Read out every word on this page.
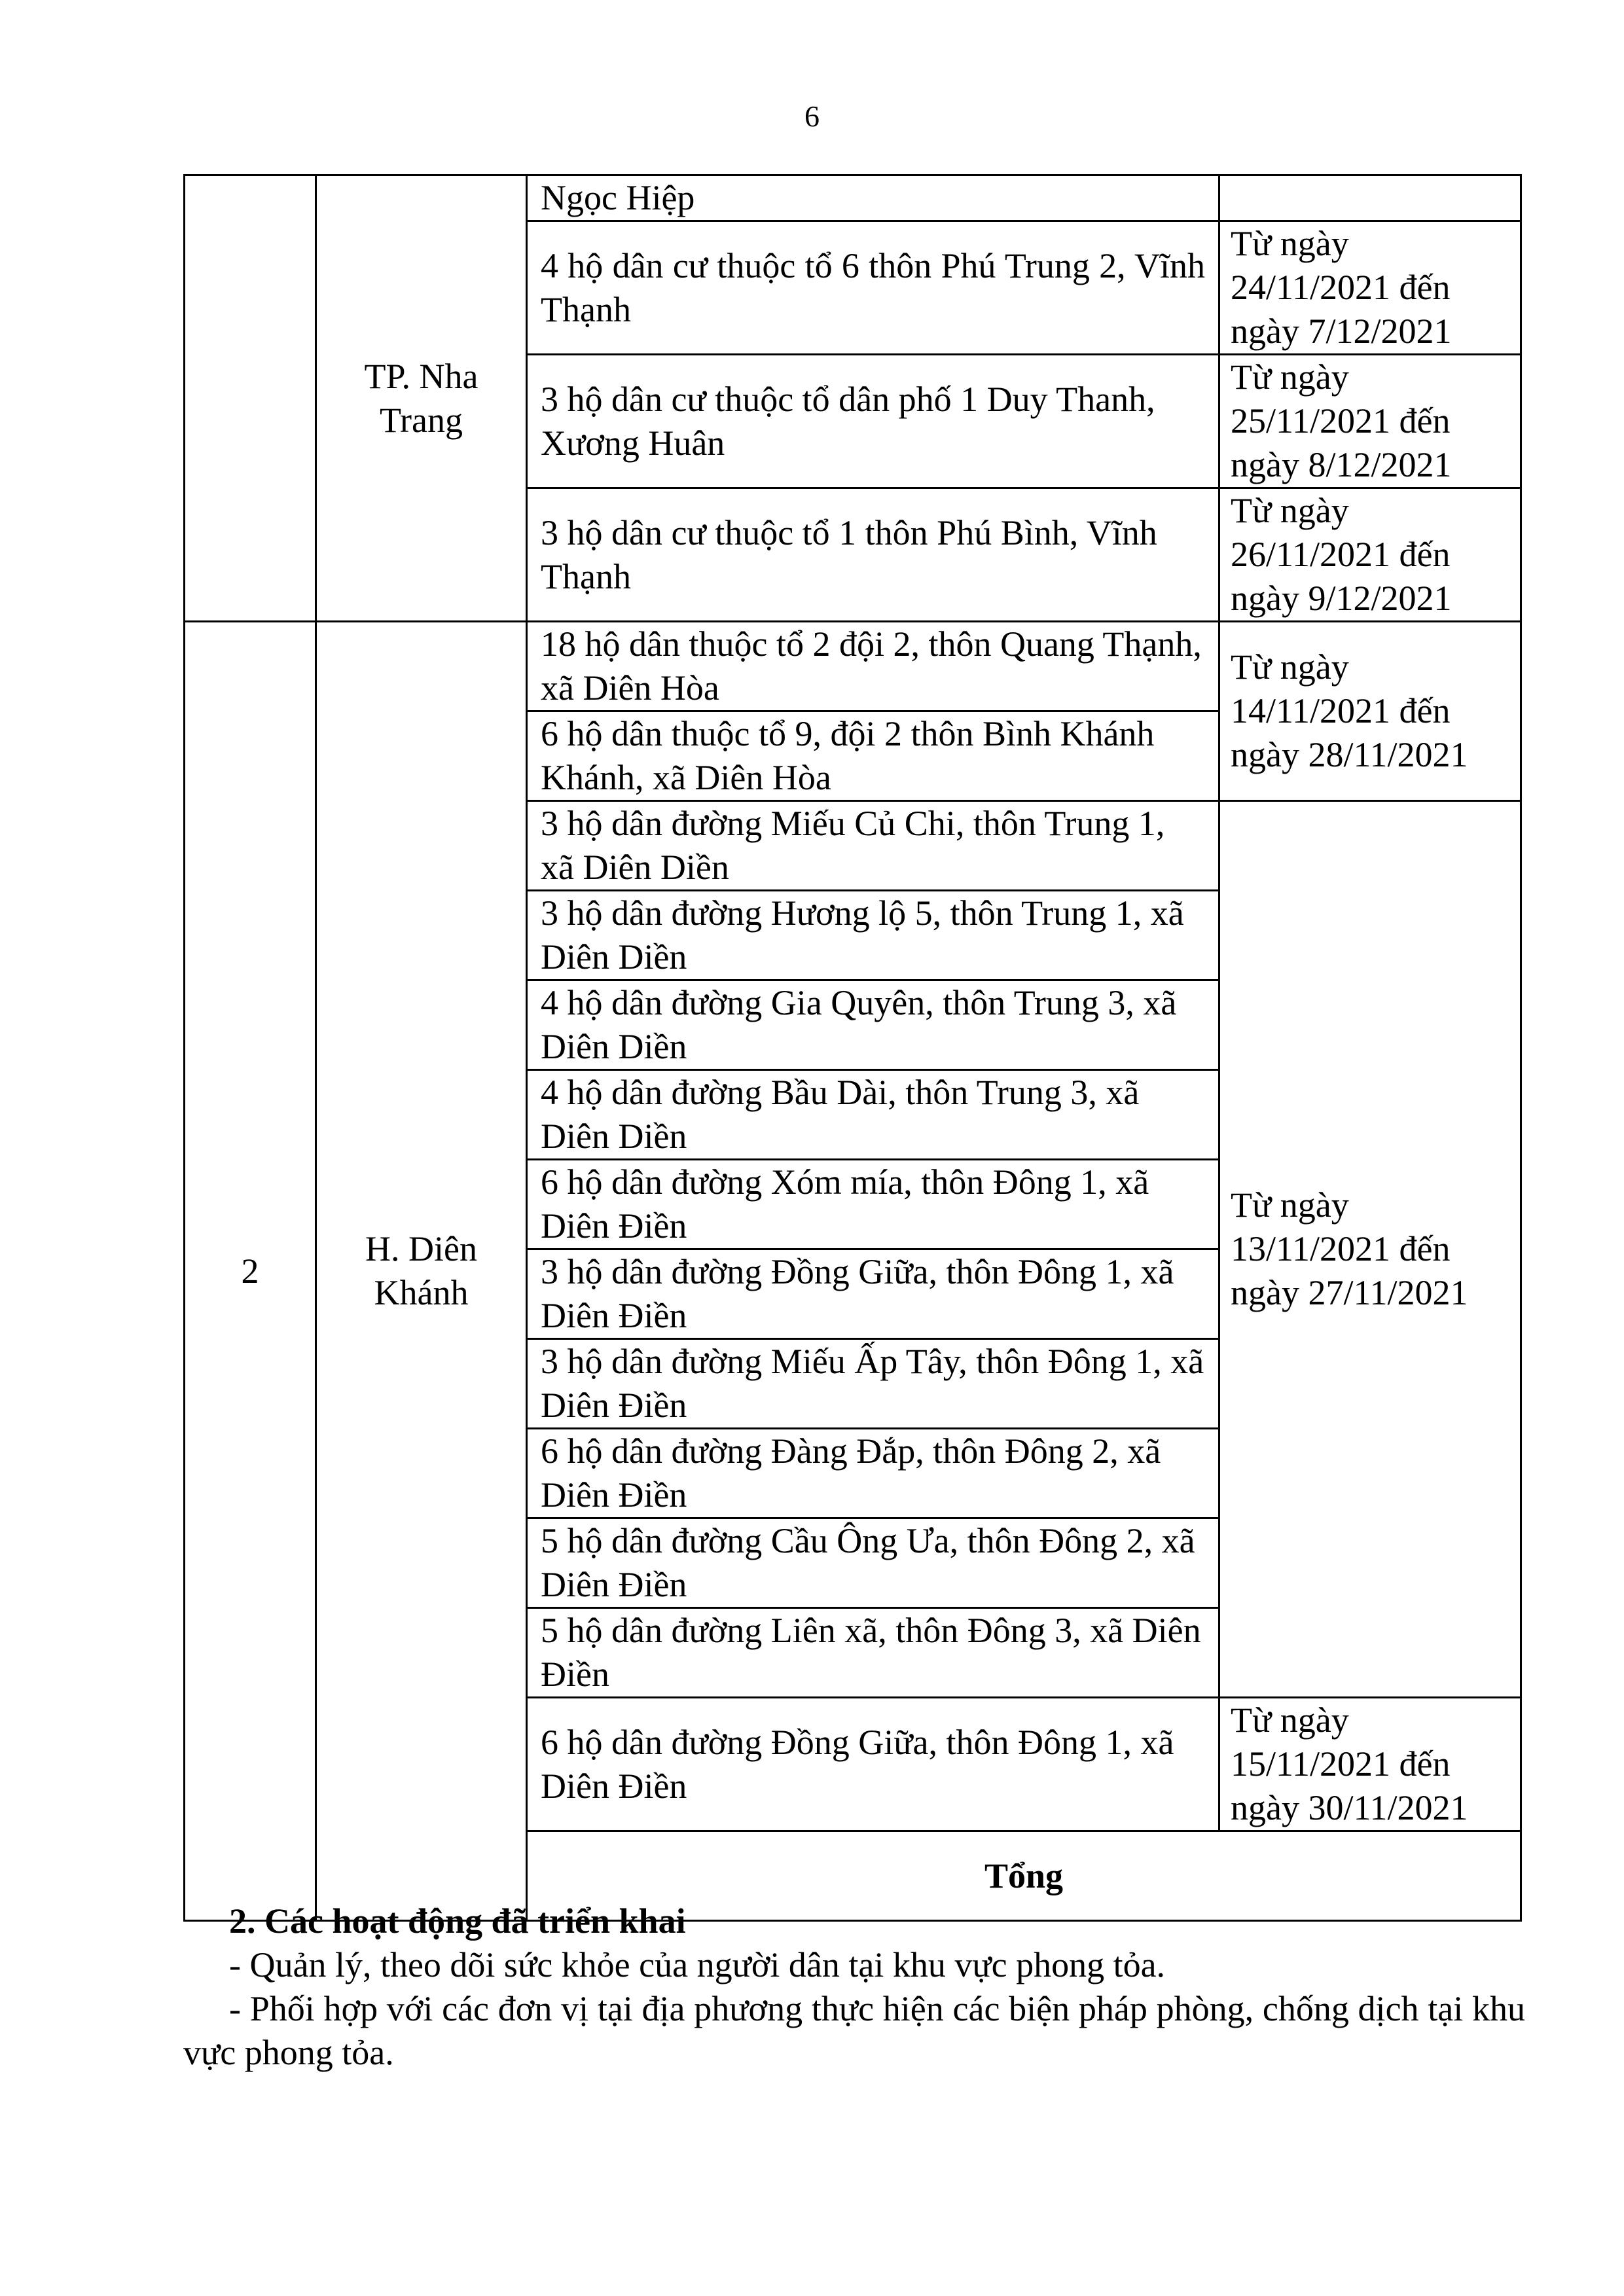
6
	TP. Nha Trang	Ngọc Hiệp		
		4 hộ dân cư thuộc tổ 6 thôn Phú Trung 2, Vĩnh Thạnh	Từ ngày 24/11/2021 đến ngày 7/12/2021	
		3 hộ dân cư thuộc tổ dân phố 1 Duy Thanh, Xương Huân	Từ ngày 25/11/2021 đến ngày 8/12/2021	
		3 hộ dân cư thuộc tổ 1 thôn Phú Bình, Vĩnh Thạnh	Từ ngày 26/11/2021 đến ngày 9/12/2021	
2	H. Diên Khánh	18 hộ dân thuộc tổ 2 đội 2, thôn Quang Thạnh, xã Diên Hòa	Từ ngày 14/11/2021 đến ngày 28/11/2021	
		6 hộ dân thuộc tổ 9, đội 2 thôn Bình Khánh Khánh, xã Diên Hòa		
		3 hộ dân đường Miếu Củ Chi, thôn Trung 1, xã Diên Diền	Từ ngày 13/11/2021 đến ngày 27/11/2021	
		3 hộ dân đường Hương lộ 5, thôn Trung 1, xã Diên Diền		
		4 hộ dân đường Gia Quyên, thôn Trung 3, xã Diên Diền		
		4 hộ dân đường Bầu Dài, thôn Trung 3, xã Diên Diền		
		6 hộ dân đường Xóm mía, thôn Đông 1, xã Diên Điền		
		3 hộ dân đường Đồng Giữa, thôn Đông 1, xã Diên Điền		
		3 hộ dân đường Miếu Ấp Tây, thôn Đông 1, xã Diên Điền		
		6 hộ dân đường Đàng Đắp, thôn Đông 2, xã Diên Điền		
		5 hộ dân đường Cầu Ông Ưa, thôn Đông 2, xã Diên Điền		
		5 hộ dân đường Liên xã, thôn Đông 3, xã Diên Điền		
		6 hộ dân đường Đồng Giữa, thôn Đông 1, xã Diên Điền	Từ ngày 15/11/2021 đến ngày 30/11/2021	
		Tổng	
2. Các hoạt động đã triển khai
- Quản lý, theo dõi sức khỏe của người dân tại khu vực phong tỏa.
- Phối hợp với các đơn vị tại địa phương thực hiện các biện pháp phòng, chống dịch tại khu vực phong tỏa.
